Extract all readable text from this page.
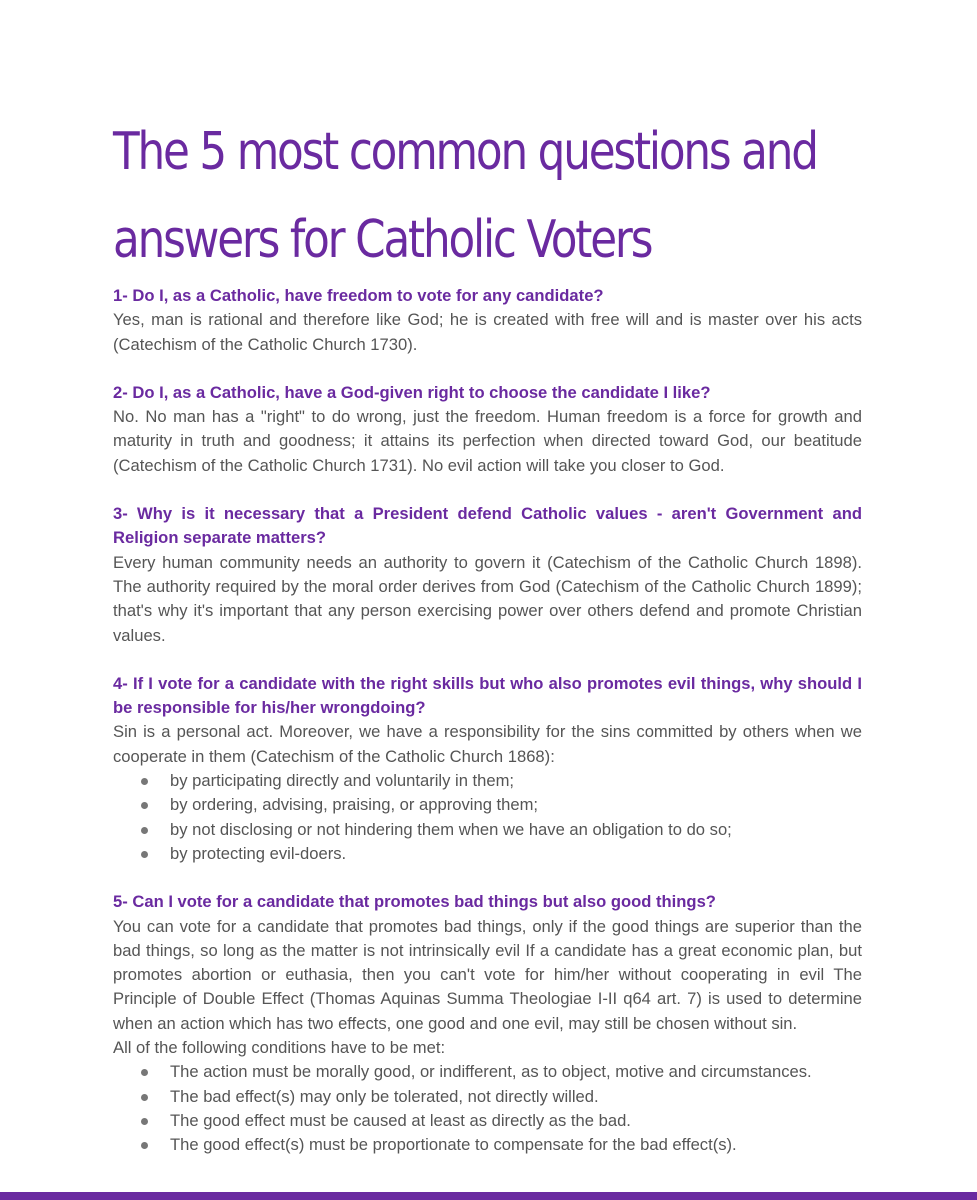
The 5 most common questions and
answers for Catholic Voters

1- Do I, as a Catholic, have freedom to vote for any candidate?

Yes, man is rational and therefore like God; he is created with free will and is master over his acts (Catechism of the Catholic Church 1730).

2- Do I, as a Catholic, have a God-given right to choose the candidate I like?

No. No man has a "right" to do wrong, just the freedom. Human freedom is a force for growth and maturity in truth and goodness; it attains its perfection when directed toward God, our beatitude (Catechism of the Catholic Church 1731). No evil action will take you closer to God.

3- Why is it necessary that a President defend Catholic values - aren't Government and Religion separate matters?

Every human community needs an authority to govern it (Catechism of the Catholic Church 1898). The authority required by the moral order derives from God (Catechism of the Catholic Church 1899); that's why it's important that any person exercising power over others defend and promote Christian values.

4- If I vote for a candidate with the right skills but who also promotes evil things, why should I be responsible for his/her wrongdoing?

Sin is a personal act. Moreover, we have a responsibility for the sins committed by others when we cooperate in them (Catechism of the Catholic Church 1868):

by participating directly and voluntarily in them;
by ordering, advising, praising, or approving them;
by not disclosing or not hindering them when we have an obligation to do so;
by protecting evil-doers.

5- Can I vote for a candidate that promotes bad things but also good things?

You can vote for a candidate that promotes bad things, only if the good things are superior than the bad things, so long as the matter is not intrinsically evil If a candidate has a great economic plan, but promotes abortion or euthasia, then you can't vote for him/her without cooperating in evil The Principle of Double Effect (Thomas Aquinas Summa Theologiae I-II q64 art. 7) is used to determine when an action which has two effects, one good and one evil, may still be chosen without sin.

All of the following conditions have to be met:

The action must be morally good, or indifferent, as to object, motive and circumstances.
The bad effect(s) may only be tolerated, not directly willed.
The good effect must be caused at least as directly as the bad.
The good effect(s) must be proportionate to compensate for the bad effect(s).
